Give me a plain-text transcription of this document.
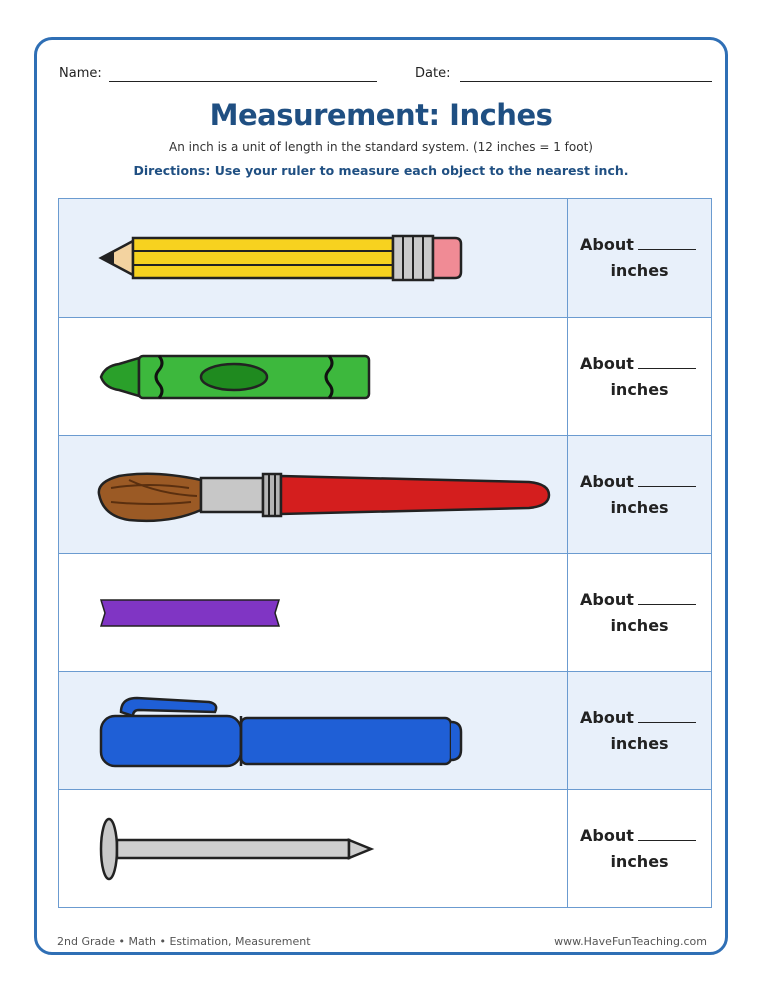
Name:	Date:
Measurement: Inches
An inch is a unit of length in the standard system. (12 inches = 1 foot)
Directions: Use your ruler to measure each object to the nearest inch.
About
inches
About
inches
About
inches
About
inches
About
inches
About
inches
2nd Grade • Math • Estimation, Measurement	www.HaveFunTeaching.com
